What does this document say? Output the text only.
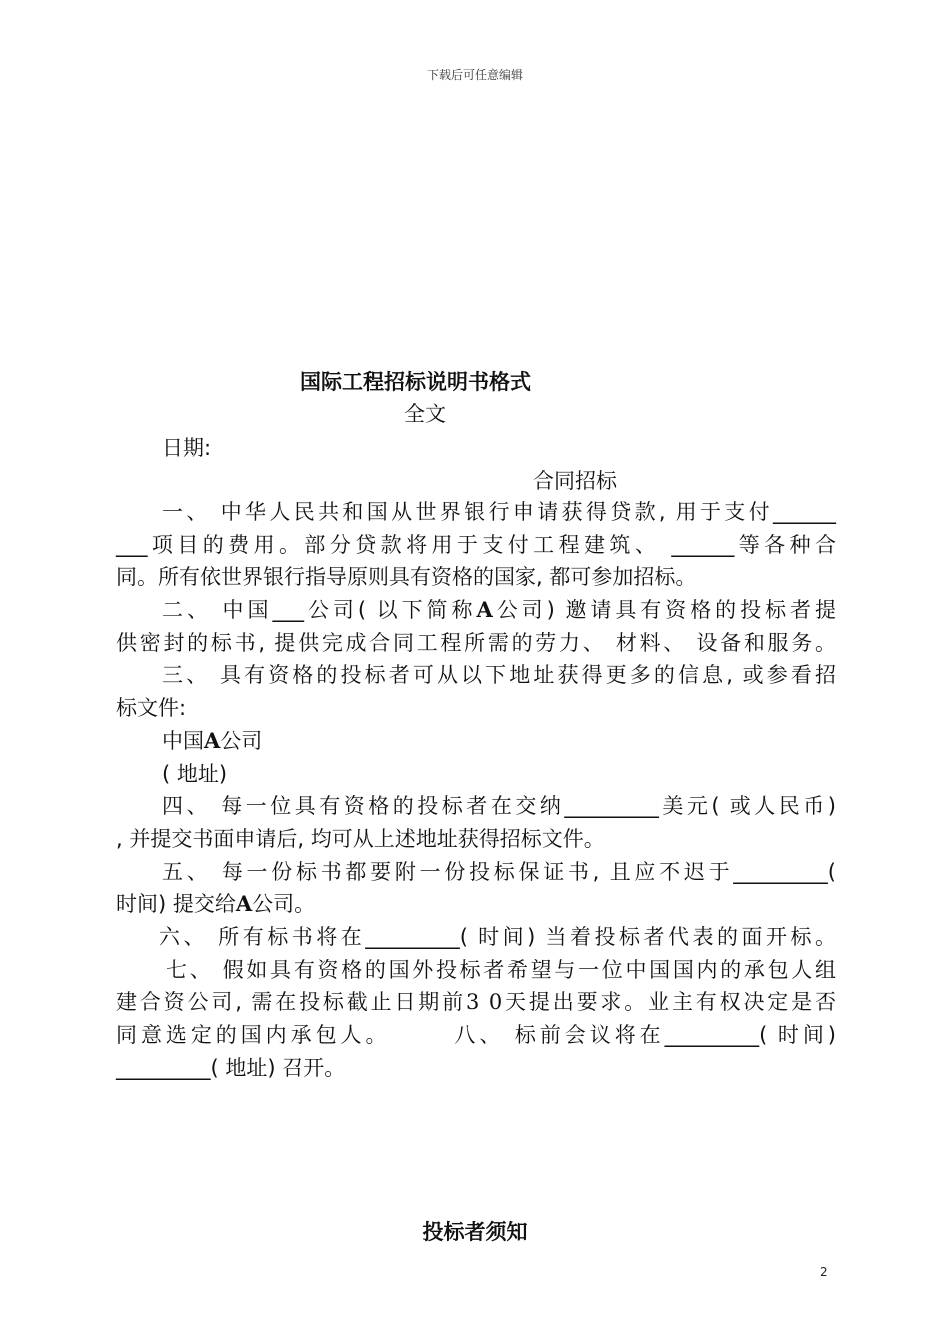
下载后可任意编辑
国际工程招标说明书格式
全文
日期:
合同招标
一、 中华人民共和国从世界银行申请获得贷款, 用于支付______
___项目的费用。部分贷款将用于支付工程建筑、 ______等各种合
同。所有依世界银行指导原则具有资格的国家, 都可参加招标。
二、 中国___公司( 以下简称A公司) 邀请具有资格的投标者提
供密封的标书, 提供完成合同工程所需的劳力、 材料、 设备和服务。
三、 具有资格的投标者可从以下地址获得更多的信息, 或参看招
标文件:
中国A公司
( 地址)
四、 每一位具有资格的投标者在交纳_________美元( 或人民币)
, 并提交书面申请后, 均可从上述地址获得招标文件。
五、 每一份标书都要附一份投标保证书, 且应不迟于_________(
时间) 提交给A公司。
六、 所有标书将在_________( 时间) 当着投标者代表的面开标。
七、 假如具有资格的国外投标者希望与一位中国国内的承包人组
建合资公司, 需在投标截止日期前3 0天提出要求。业主有权决定是否
同意选定的国内承包人。	八、 标前会议将在_________( 时间)
_________( 地址) 召开。
投标者须知
2
